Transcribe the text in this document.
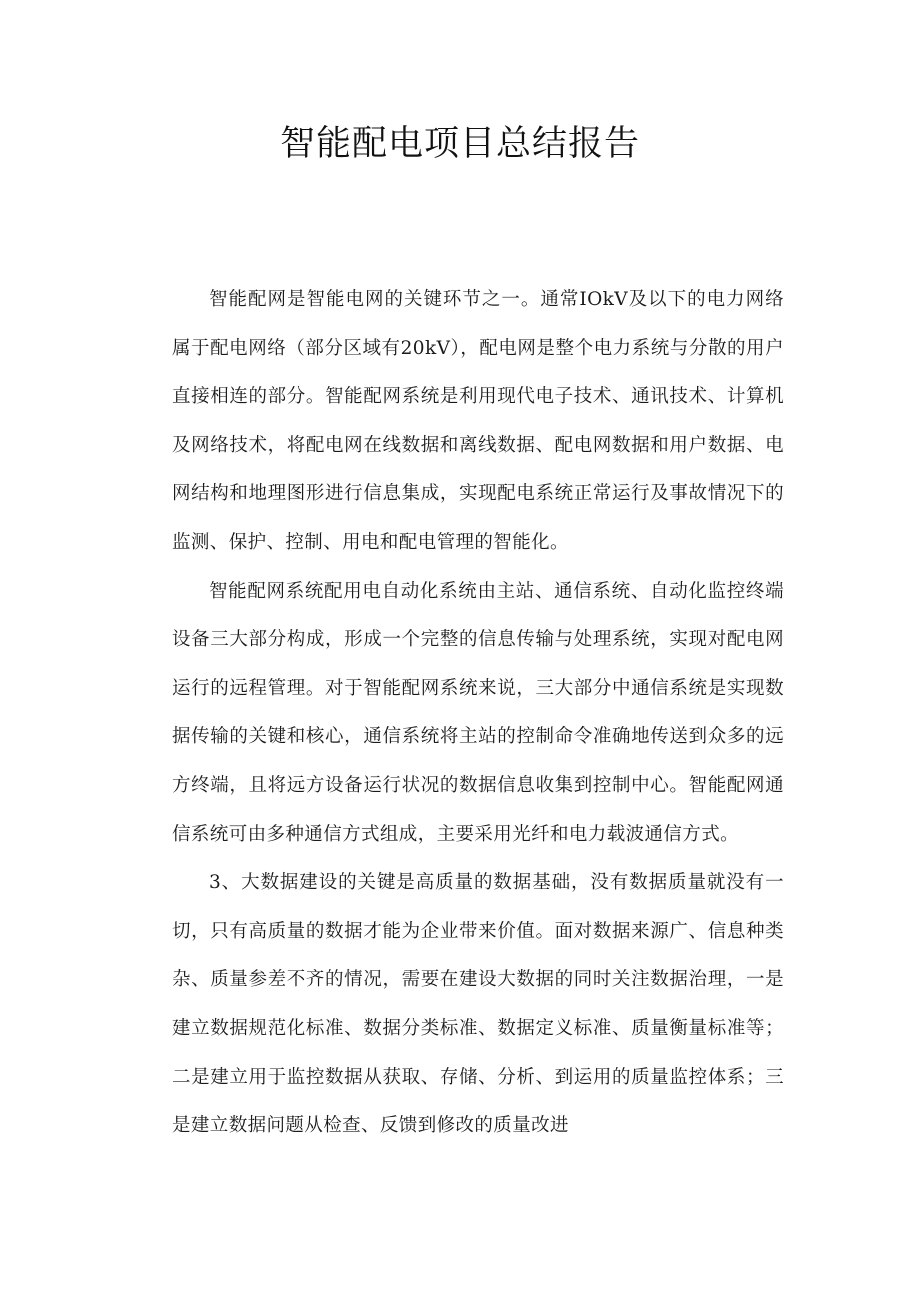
智能配电项目总结报告

智能配网是智能电网的关键环节之一。通常IOkV及以下的电力网络属于配电网络（部分区域有20kV），配电网是整个电力系统与分散的用户直接相连的部分。智能配网系统是利用现代电子技术、通讯技术、计算机及网络技术，将配电网在线数据和离线数据、配电网数据和用户数据、电网结构和地理图形进行信息集成，实现配电系统正常运行及事故情况下的监测、保护、控制、用电和配电管理的智能化。

智能配网系统配用电自动化系统由主站、通信系统、自动化监控终端设备三大部分构成，形成一个完整的信息传输与处理系统，实现对配电网运行的远程管理。对于智能配网系统来说，三大部分中通信系统是实现数据传输的关键和核心，通信系统将主站的控制命令准确地传送到众多的远方终端，且将远方设备运行状况的数据信息收集到控制中心。智能配网通信系统可由多种通信方式组成，主要采用光纤和电力载波通信方式。

3、大数据建设的关键是高质量的数据基础，没有数据质量就没有一切，只有高质量的数据才能为企业带来价值。面对数据来源广、信息种类杂、质量参差不齐的情况，需要在建设大数据的同时关注数据治理，一是建立数据规范化标准、数据分类标准、数据定义标准、质量衡量标准等；二是建立用于监控数据从获取、存储、分析、到运用的质量监控体系；三是建立数据问题从检查、反馈到修改的质量改进
